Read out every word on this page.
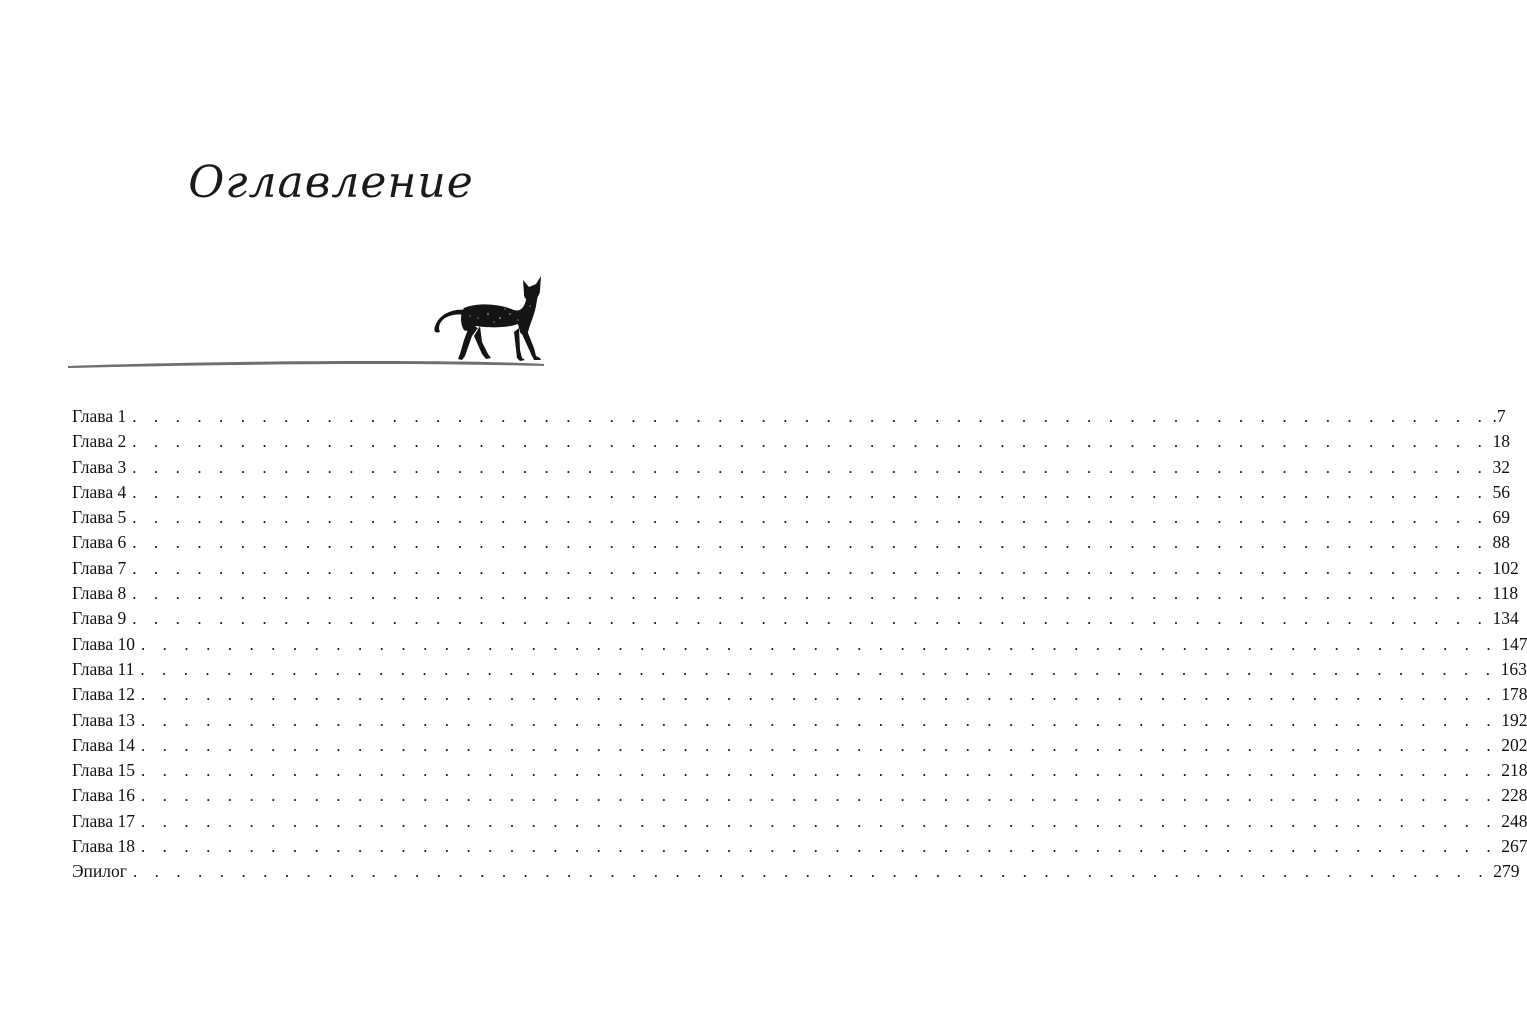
Оглавление
Глава 1 . . . . . . . . . . . . . . . . . . . . . . . . . . . . . . . . . . . . . . . . . . . . . . . . . . . . . . . . . . . . . . . .7
Глава 2 . . . . . . . . . . . . . . . . . . . . . . . . . . . . . . . . . . . . . . . . . . . . . . . . . . . . . . . . . . . . . . . 18
Глава 3 . . . . . . . . . . . . . . . . . . . . . . . . . . . . . . . . . . . . . . . . . . . . . . . . . . . . . . . . . . . . . . . 32
Глава 4 . . . . . . . . . . . . . . . . . . . . . . . . . . . . . . . . . . . . . . . . . . . . . . . . . . . . . . . . . . . . . . . 56
Глава 5 . . . . . . . . . . . . . . . . . . . . . . . . . . . . . . . . . . . . . . . . . . . . . . . . . . . . . . . . . . . . . . . 69
Глава 6 . . . . . . . . . . . . . . . . . . . . . . . . . . . . . . . . . . . . . . . . . . . . . . . . . . . . . . . . . . . . . . . 88
Глава 7 . . . . . . . . . . . . . . . . . . . . . . . . . . . . . . . . . . . . . . . . . . . . . . . . . . . . . . . . . . . . . . . 102
Глава 8 . . . . . . . . . . . . . . . . . . . . . . . . . . . . . . . . . . . . . . . . . . . . . . . . . . . . . . . . . . . . . . . 118
Глава 9 . . . . . . . . . . . . . . . . . . . . . . . . . . . . . . . . . . . . . . . . . . . . . . . . . . . . . . . . . . . . . . . 134
Глава 10 . . . . . . . . . . . . . . . . . . . . . . . . . . . . . . . . . . . . . . . . . . . . . . . . . . . . . . . . . . . . . . . 147
Глава 11 . . . . . . . . . . . . . . . . . . . . . . . . . . . . . . . . . . . . . . . . . . . . . . . . . . . . . . . . . . . . . . . 163
Глава 12 . . . . . . . . . . . . . . . . . . . . . . . . . . . . . . . . . . . . . . . . . . . . . . . . . . . . . . . . . . . . . . . 178
Глава 13 . . . . . . . . . . . . . . . . . . . . . . . . . . . . . . . . . . . . . . . . . . . . . . . . . . . . . . . . . . . . . . . 192
Глава 14 . . . . . . . . . . . . . . . . . . . . . . . . . . . . . . . . . . . . . . . . . . . . . . . . . . . . . . . . . . . . . . . 202
Глава 15 . . . . . . . . . . . . . . . . . . . . . . . . . . . . . . . . . . . . . . . . . . . . . . . . . . . . . . . . . . . . . . . 218
Глава 16 . . . . . . . . . . . . . . . . . . . . . . . . . . . . . . . . . . . . . . . . . . . . . . . . . . . . . . . . . . . . . . . 228
Глава 17 . . . . . . . . . . . . . . . . . . . . . . . . . . . . . . . . . . . . . . . . . . . . . . . . . . . . . . . . . . . . . . . 248
Глава 18 . . . . . . . . . . . . . . . . . . . . . . . . . . . . . . . . . . . . . . . . . . . . . . . . . . . . . . . . . . . . . . . 267
Эпилог . . . . . . . . . . . . . . . . . . . . . . . . . . . . . . . . . . . . . . . . . . . . . . . . . . . . . . . . . . . . . . . 279
